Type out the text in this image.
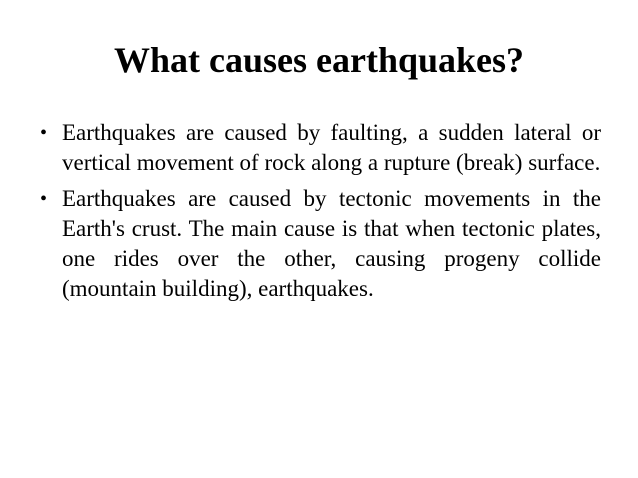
What causes earthquakes?
• Earthquakes are caused by faulting, a sudden lateral or vertical movement of rock along a rupture (break) surface.
• Earthquakes are caused by tectonic movements in the Earth's crust. The main cause is that when tectonic plates, one rides over the other, causing progeny collide (mountain building), earthquakes.
